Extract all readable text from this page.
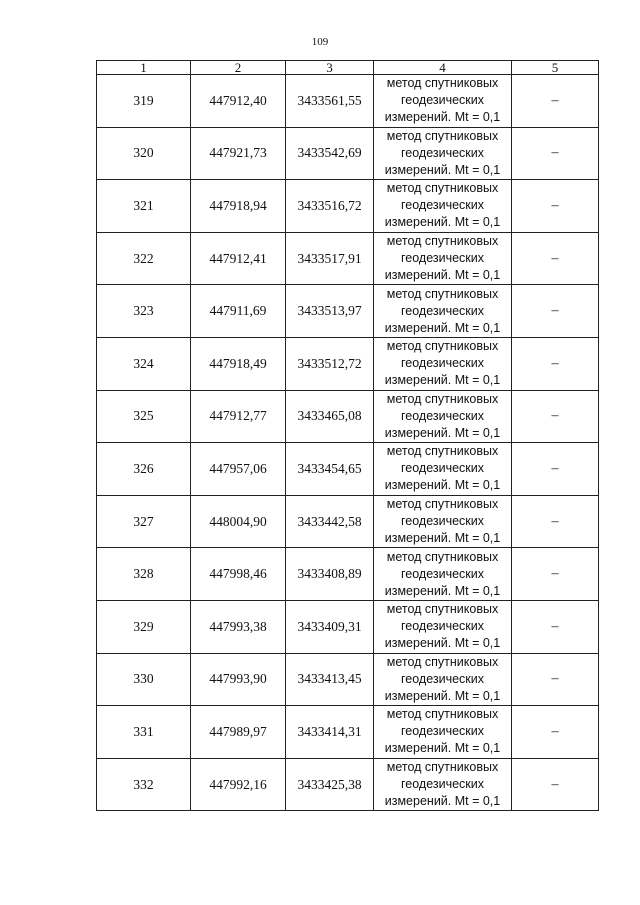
109
1	2	3	4	5
319	447912,40	3433561,55	метод спутниковых
геодезических
измерений. Mt = 0,1	–
320	447921,73	3433542,69	метод спутниковых
геодезических
измерений. Mt = 0,1	–
321	447918,94	3433516,72	метод спутниковых
геодезических
измерений. Mt = 0,1	–
322	447912,41	3433517,91	метод спутниковых
геодезических
измерений. Mt = 0,1	–
323	447911,69	3433513,97	метод спутниковых
геодезических
измерений. Mt = 0,1	–
324	447918,49	3433512,72	метод спутниковых
геодезических
измерений. Mt = 0,1	–
325	447912,77	3433465,08	метод спутниковых
геодезических
измерений. Mt = 0,1	–
326	447957,06	3433454,65	метод спутниковых
геодезических
измерений. Mt = 0,1	–
327	448004,90	3433442,58	метод спутниковых
геодезических
измерений. Mt = 0,1	–
328	447998,46	3433408,89	метод спутниковых
геодезических
измерений. Mt = 0,1	–
329	447993,38	3433409,31	метод спутниковых
геодезических
измерений. Mt = 0,1	–
330	447993,90	3433413,45	метод спутниковых
геодезических
измерений. Mt = 0,1	–
331	447989,97	3433414,31	метод спутниковых
геодезических
измерений. Mt = 0,1	–
332	447992,16	3433425,38	метод спутниковых
геодезических
измерений. Mt = 0,1	–
